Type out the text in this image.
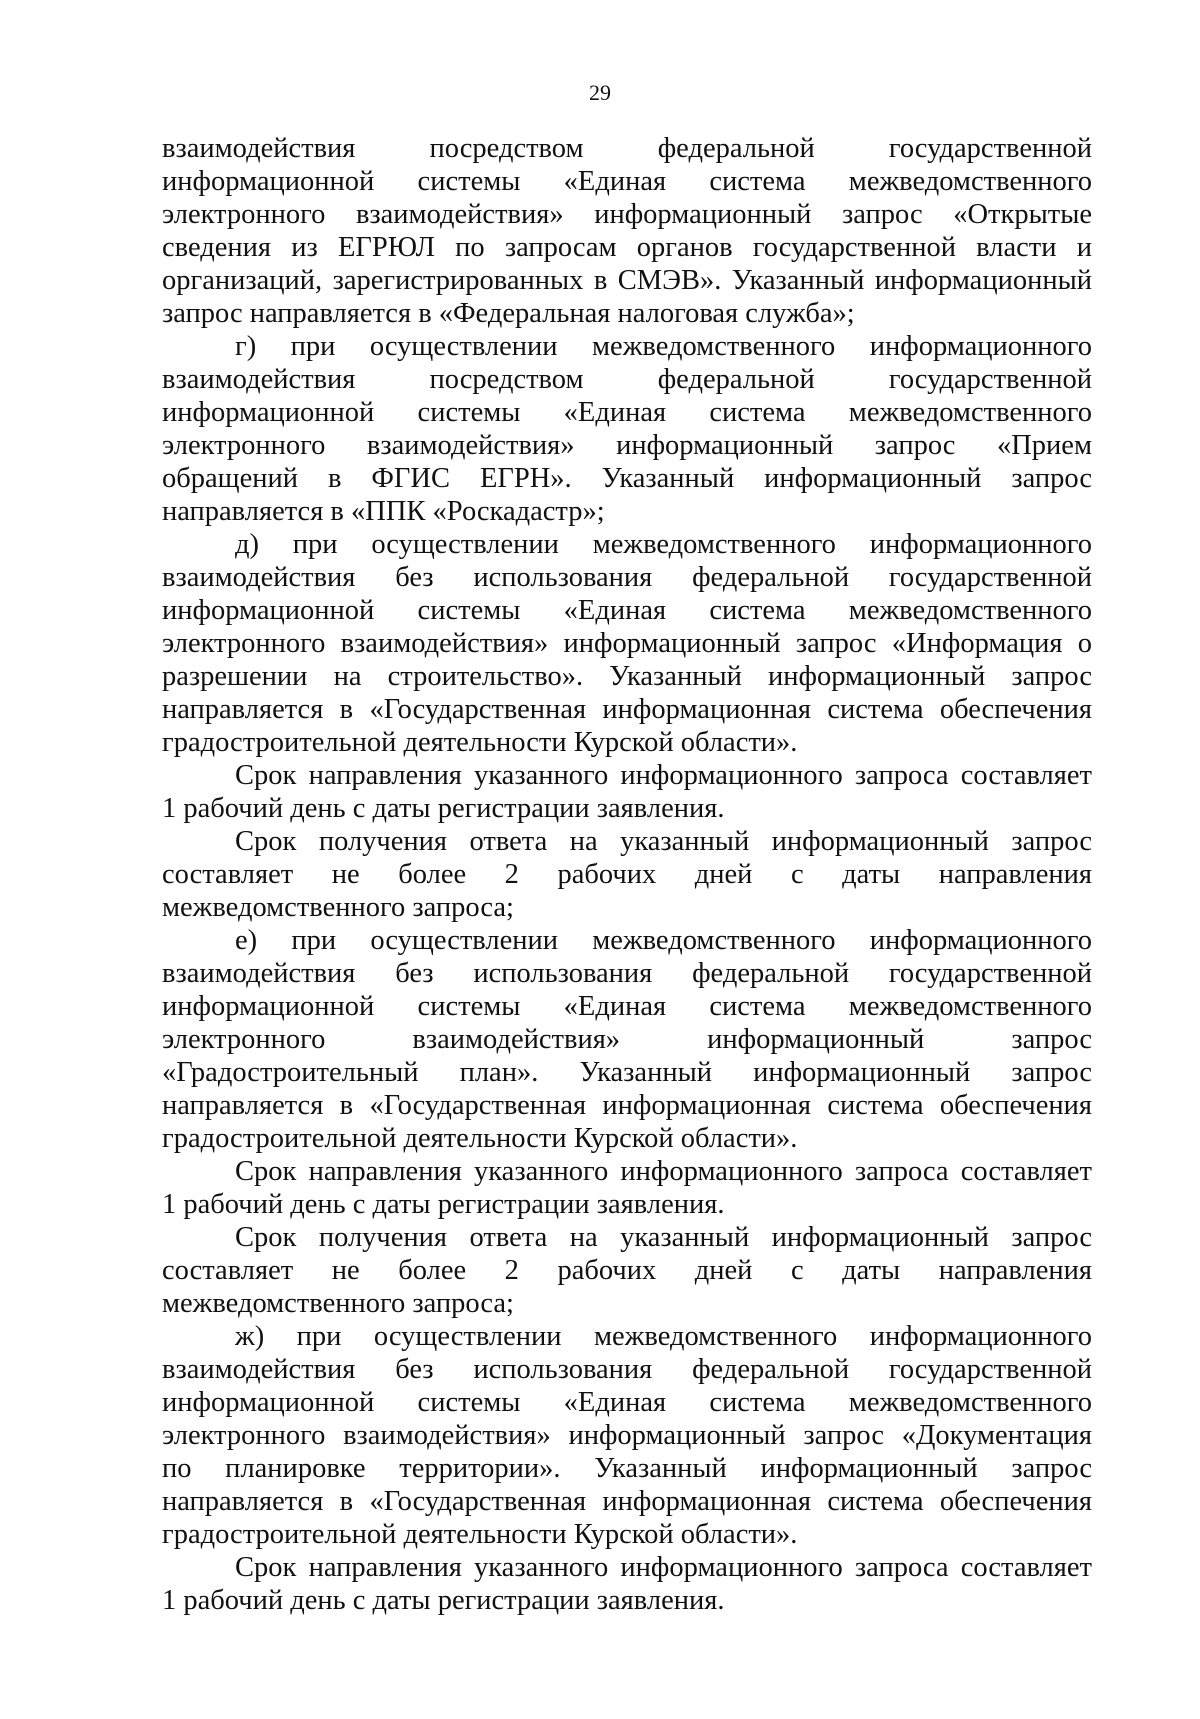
29
взаимодействия посредством федеральной государственной
информационной системы «Единая система межведомственного
электронного взаимодействия» информационный запрос «Открытые
сведения из ЕГРЮЛ по запросам органов государственной власти и
организаций, зарегистрированных в СМЭВ». Указанный информационный
запрос направляется в «Федеральная налоговая служба»;
г) при осуществлении межведомственного информационного
взаимодействия посредством федеральной государственной
информационной системы «Единая система межведомственного
электронного взаимодействия» информационный запрос «Прием
обращений в ФГИС ЕГРН». Указанный информационный запрос
направляется в «ППК «Роскадастр»;
д) при осуществлении межведомственного информационного
взаимодействия без использования федеральной государственной
информационной системы «Единая система межведомственного
электронного взаимодействия» информационный запрос «Информация о
разрешении на строительство». Указанный информационный запрос
направляется в «Государственная информационная система обеспечения
градостроительной деятельности Курской области».
Срок направления указанного информационного запроса составляет
1 рабочий день с даты регистрации заявления.
Срок получения ответа на указанный информационный запрос
составляет не более 2 рабочих дней с даты направления
межведомственного запроса;
е) при осуществлении межведомственного информационного
взаимодействия без использования федеральной государственной
информационной системы «Единая система межведомственного
электронного взаимодействия» информационный запрос
«Градостроительный план». Указанный информационный запрос
направляется в «Государственная информационная система обеспечения
градостроительной деятельности Курской области».
Срок направления указанного информационного запроса составляет
1 рабочий день с даты регистрации заявления.
Срок получения ответа на указанный информационный запрос
составляет не более 2 рабочих дней с даты направления
межведомственного запроса;
ж) при осуществлении межведомственного информационного
взаимодействия без использования федеральной государственной
информационной системы «Единая система межведомственного
электронного взаимодействия» информационный запрос «Документация
по планировке территории». Указанный информационный запрос
направляется в «Государственная информационная система обеспечения
градостроительной деятельности Курской области».
Срок направления указанного информационного запроса составляет
1 рабочий день с даты регистрации заявления.
